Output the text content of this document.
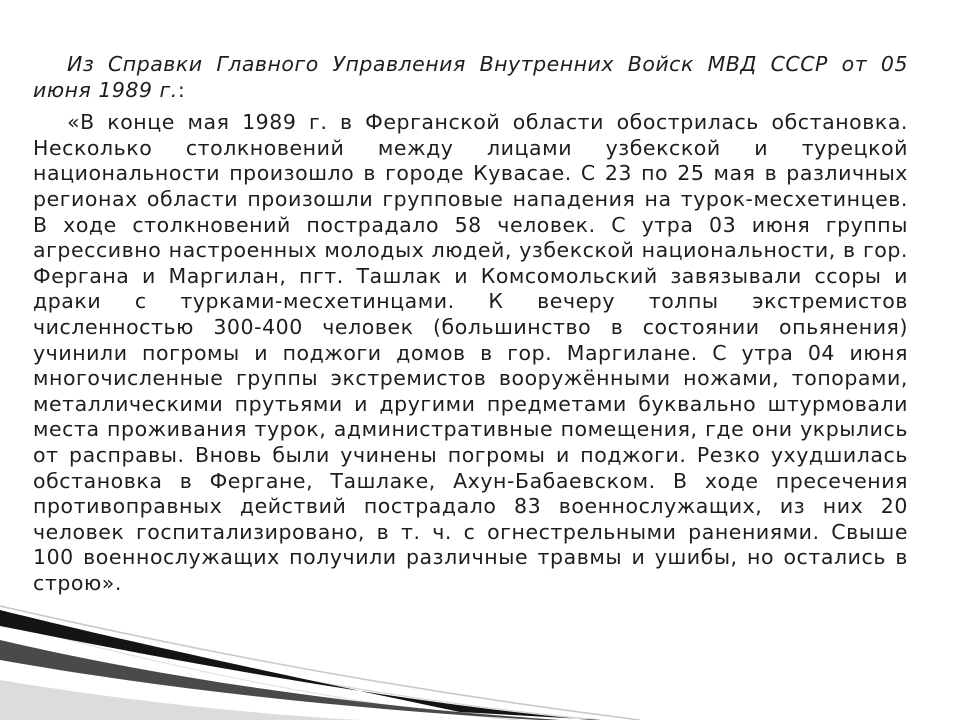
Из Справки Главного Управления Внутренних Войск МВД СССР от 05 июня 1989 г.:

«В конце мая 1989 г. в Ферганской области обострилась обстановка. Несколько столкновений между лицами узбекской и турецкой национальности произошло в городе Кувасае. С 23 по 25 мая в различных регионах области произошли групповые нападения на турок-месхетинцев. В ходе столкновений пострадало 58 человек. С утра 03 июня группы агрессивно настроенных молодых людей, узбекской национальности, в гор. Фергана и Маргилан, пгт. Ташлак и Комсомольский завязывали ссоры и драки с турками-месхетинцами. К вечеру толпы экстремистов численностью 300-400 человек (большинство в состоянии опьянения) учинили погромы и поджоги домов в гор. Маргилане. С утра 04 июня многочисленные группы экстремистов вооружёнными ножами, топорами, металлическими прутьями и другими предметами буквально штурмовали места проживания турок, административные помещения, где они укрылись от расправы. Вновь были учинены погромы и поджоги. Резко ухудшилась обстановка в Фергане, Ташлаке, Ахун-Бабаевском. В ходе пресечения противоправных действий пострадало 83 военнослужащих, из них 20 человек госпитализировано, в т. ч. с огнестрельными ранениями. Свыше 100 военнослужащих получили различные травмы и ушибы, но остались в строю».
